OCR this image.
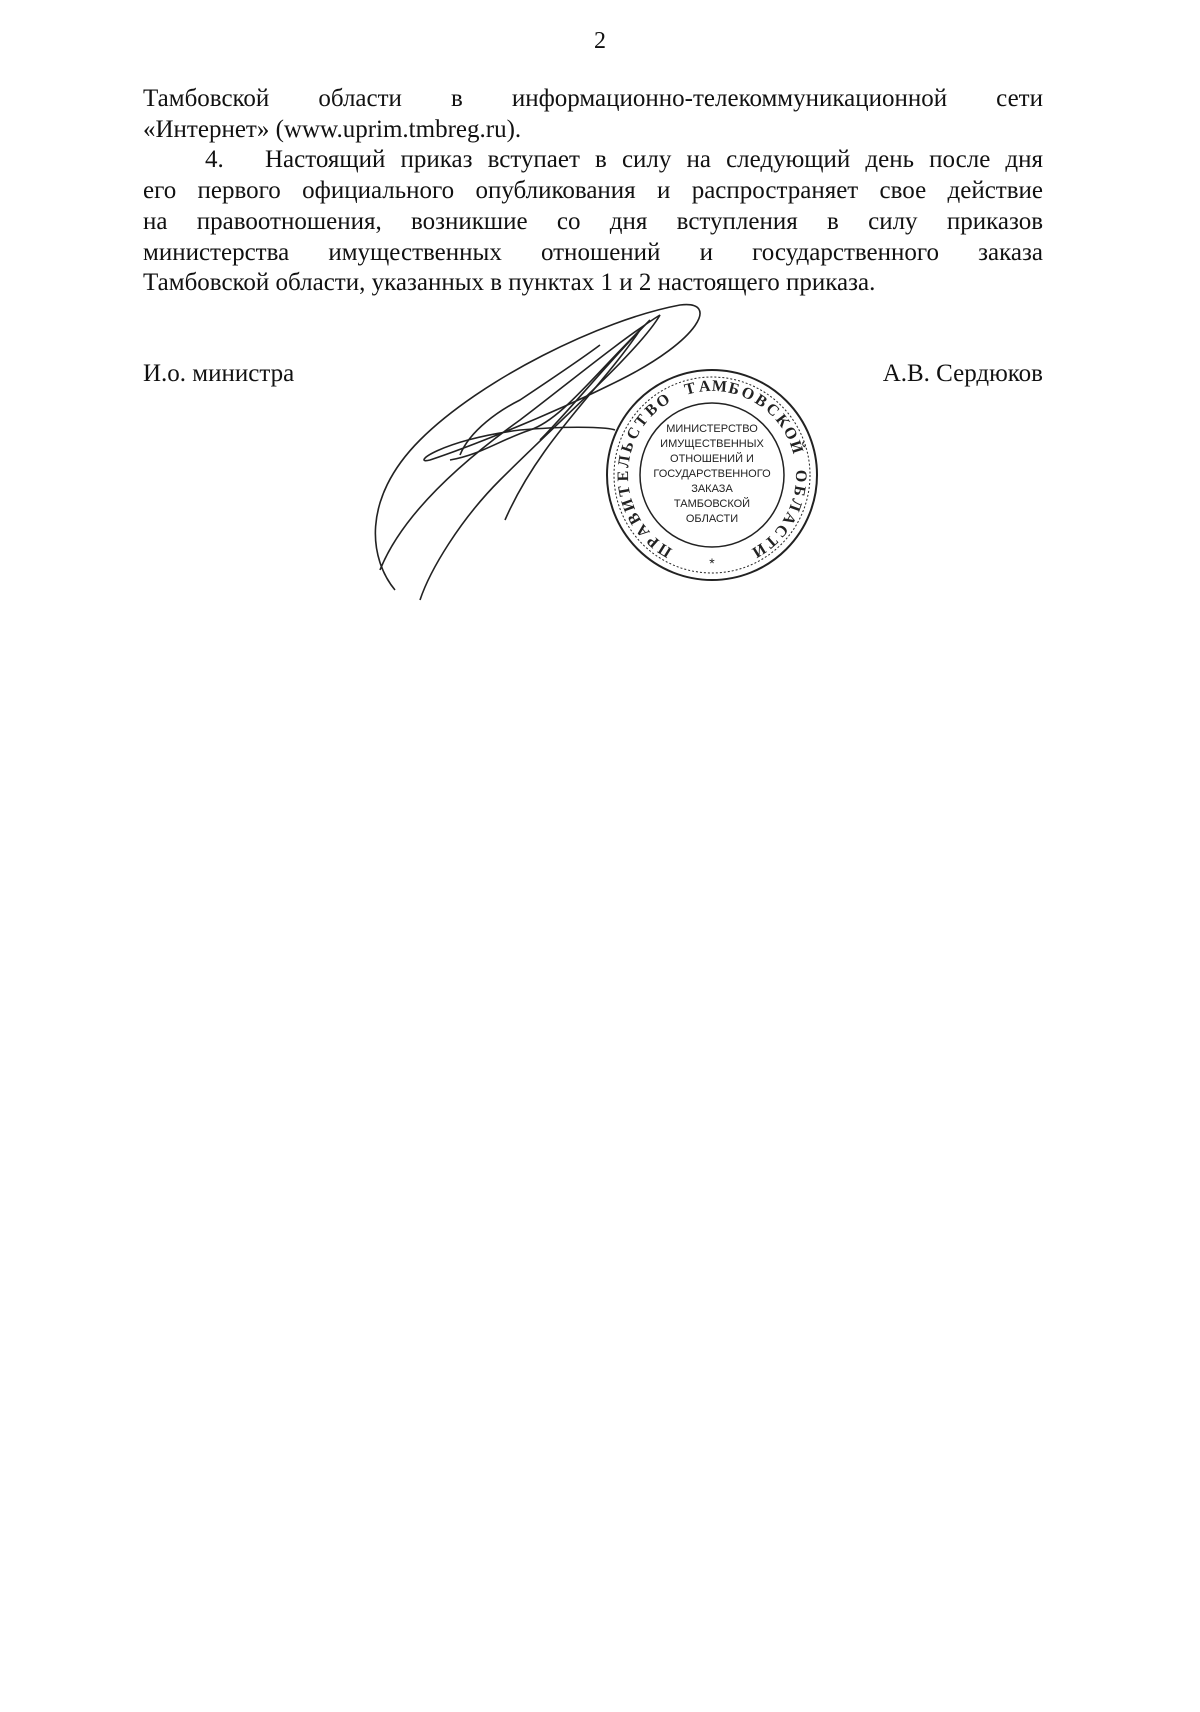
2
Тамбовской области в информационно-телекоммуникационной сети
«Интернет» (www.uprim.tmbreg.ru).
4. Настоящий приказ вступает в силу на следующий день после дня
его первого официального опубликования и распространяет свое действие
на правоотношения, возникшие со дня вступления в силу приказов
министерства имущественных отношений и государственного заказа
Тамбовской области, указанных в пунктах 1 и 2 настоящего приказа.
И.о. министра	А.В. Сердюков
П
Р
А
В
И
Т
Е
Л
Ь
С
Т
В
О
Т А М Б
О
В
С
К
О
Й
О
Б
Л
А
С
Т
И
МИНИСТЕРСТВО
ИМУЩЕСТВЕННЫХ
ОТНОШЕНИЙ И
ГОСУДАРСТВЕННОГО
ЗАКАЗА
ТАМБОВСКОЙ
ОБЛАСТИ
*
